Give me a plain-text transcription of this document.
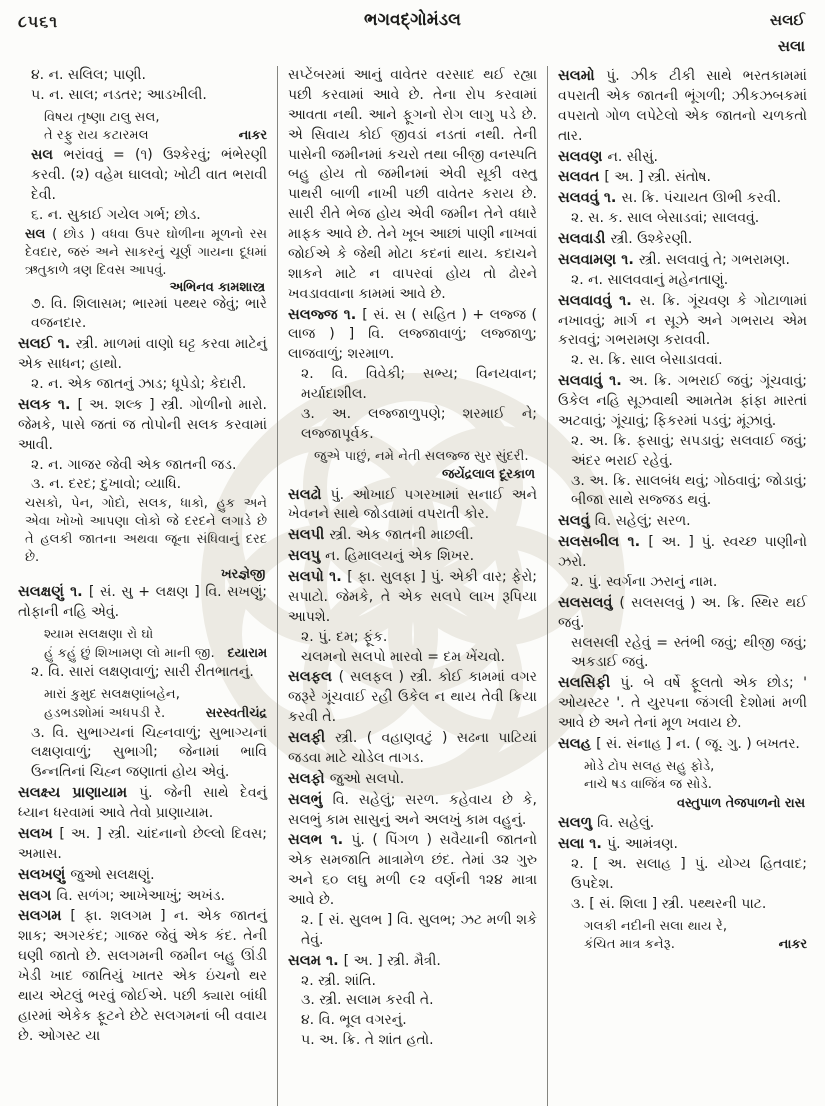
૮૫૬૧	ભગવદ્ગોમંડલ	સલઈ
સલા

૪. ન. સલિલ; પાણી.

૫. ન. સાલ; નડતર; આડખીલી.

વિષય તૃષ્ણા ટાલુ સલ,
નાકર
તે રફુ રાય કટારમલ

સલ ભરાંવવું = (૧) ઉશ્કેરવું; ભંભેરણી કરવી. (૨) વહેમ ઘાલવો; ખોટી વાત ભરાવી દેવી.

૬. ન. સુકાઈ ગયેલ ગર્ભ; છોડ.

સલ ( છોડ ) વધવા ઉપર ઘોળીના મૂળનો રસ દેવદાર, જરું અને સાકરનું ચૂર્ણ ગાયના દૂધમાં ઋતુકાળે ત્રણ દિવસ આપવું.

અભિનવ કામશાસ્ત્ર

૭. વિ. શિલાસમ; ભારમાં પથ્થર જેવું; ભારે વજનદાર.

સલઈ ૧. સ્ત્રી. માળમાં વાણો ઘટ્ટ કરવા માટેનું એક સાધન; હાથો.

૨. ન. એક જાતનું ઝાડ; ધૂપેડો; કેદારી.

સલક ૧. [ અ. શલ્ક ] સ્ત્રી. ગોળીનો મારો. જેમકે, પાસે જતાં જ તોપોની સલક કરવામાં આવી.

૨. ન. ગાજર જેવી એક જાતની જડ.

૩. ન. દરદ; દુખાવો; વ્યાધિ.

ચસકો, પેન, ગોદો, સલક, ધાકો, હુક અને એવા ખોખો આપણા લોકો જે દરદને લગાડે છે તે હલકી જાતના અથવા જૂના સંધિવાનું દરદ છે.

ખરજ્ઞેજી

સલક્ષણું ૧. [ સં. સુ + લક્ષણ ] વિ. સખણું; તોફાની નહિ એવું.

શ્યામ સલક્ષણા રો ઘો
દયારામ
હું કહું છું શિખામણ લો માની જી.

૨. વિ. સારાં લક્ષણવાળું; સારી રીતભાતનું.

મારાં કુમુદ સલક્ષણાંબહેન,
સરસ્વતીચંદ્ર
હડભડશોમાં અધપડી રે.

૩. વિ. સુભાગ્યનાં ચિહ્નવાળું; સુભાગ્યનાં લક્ષણવાળું; સુભાગી; જેનામાં ભાવિ ઉન્નતિનાં ચિહ્ન જણાતાં હોય એવું.

સલક્ષ્ય પ્રાણાયામ પું. જેની સાથે દેવનું ધ્યાન ધરવામાં આવે તેવો પ્રાણાયામ.

સલખ [ અ. ] સ્ત્રી. ચાંદનાનો છેલ્લો દિવસ; અમાસ.

સલખણું જુઓ સલક્ષણું.

સલગ વિ. સળંગ; આખેઆખું; અખંડ.

સલગમ [ ફા. શલગમ ] ન. એક જાતનું શાક; અગરકંદ; ગાજર જેવું એક કંદ. તેની ઘણી જાતો છે. સલગમની જમીન બહુ ઊંડી ખેડી ખાદ જાતિયું ખાતર એક ઇંચનો થર થાય એટલું ભરવું જોઈએ. પછી ક્યારા બાંધી હારમાં એકેક ફૂટને છેટે સલગમનાં બી વવાય છે. ઓગસ્ટ યા

સપ્ટેંબરમાં આનું વાવેતર વરસાદ થઈ રહ્યા પછી કરવામાં આવે છે. તેના રોપ કરવામાં આવતા નથી. આને ફૂગનો રોગ લાગુ પડે છે. એ સિવાય કોઈ જીવડાં નડતાં નથી. તેની પાસેની જમીનમાં કચરો તથા બીજી વનસ્પતિ બહુ હોય તો જમીનમાં એવી સૂકી વસ્તુ પાથરી બાળી નાખી પછી વાવેતર કરાય છે. સારી રીતે ભેજ હોય એવી જમીન તેને વધારે માફક આવે છે. તેને ખૂબ આછાં પાણી નાખવાં જોઈએ કે જેથી મોટા કદનાં થાય. કદાચને શાકને માટે ન વાપરવાં હોય તો ઢોરને ખવડાવવાના કામમાં આવે છે.

સલજ્જ ૧. [ સં. સ ( સહિત ) + લજ્જ ( લાજ ) ] વિ. લજ્જાવાળું; લજ્જાળુ; લાજવાળું; શરમાળ.

૨. વિ. વિવેકી; સભ્ય; વિનયવાન; મર્યાદાશીલ.

૩. અ. લજ્જાળુપણે; શરમાઈ ને; લજ્જાપૂર્વક.

જુએ પાછું, નમે નેતી સલજ્જ સુર સુંદરી.
જયેંદ્રલાલ દૂરકાળ

સલઢો પું. ઓખાઈ પગરખામાં સનાઈ અને ખેવનને સાથે જોડવામાં વપરાતી કોર.

સલપી સ્ત્રી. એક જાતની માછલી.

સલપુ ન. હિમાલયનું એક શિખર.

સલપો ૧. [ ફા. સુલફા ] પું. એકી વાર; ફેરો; સપાટો. જેમકે, તે એક સલપે લાખ રૂપિયા આપશે.

૨. પું. દમ; ફૂંક.

ચલમનો સલપો મારવો = દમ ખેંચવો.

સલફલ ( સલફલ ) સ્ત્રી. કોઈ કામમાં વગર જરૂરે ગૂંચવાઈ રહી ઉકેલ ન થાય તેવી ક્રિયા કરવી તે.

સલફી સ્ત્રી. ( વહાણવટું ) સઢના પાટિયાં જડવા માટે ચોડેલ તાગડ.

સલફો જુઓ સલપો.

સલભું વિ. સહેલું; સરળ. કહેવાય છે કે, સલભું કામ સાસુનું અને અલખું કામ વહુનું.

સલભ ૧. પું. ( પિંગળ ) સવૈયાની જાતનો એક સમજાતિ માત્રામેળ છંદ. તેમાં ૩૨ ગુરુ અને ૬૦ લઘુ મળી ૯૨ વર્ણની ૧૨૪ માત્રા આવે છે.

૨. [ સં. સુલભ ] વિ. સુલભ; ઝટ મળી શકે તેવું.

સલમ ૧. [ અ. ] સ્ત્રી. મૈત્રી.

૨. સ્ત્રી. શાંતિ.

૩. સ્ત્રી. સલામ કરવી તે.

૪. વિ. ભૂલ વગરનું.

૫. અ. ક્રિ. તે શાંત હતો.

સલમો પું. ઝીક ટીકી સાથે ભરતકામમાં વપરાતી એક જાતની ભૂંગળી; ઝીકઝબકમાં વપરાતો ગોળ લપેટેલો એક જાતનો ચળકતો તાર.

સલવણ ન. સીસું.

સલવત [ અ. ] સ્ત્રી. સંતોષ.

સલવવું ૧. સ. ક્રિ. પંચાયત ઊભી કરવી.

૨. સ. ક. સાલ બેસાડવાં; સાલવવું.

સલવાડી સ્ત્રી. ઉશ્કેરણી.

સલવામણ ૧. સ્ત્રી. સલવાવું તે; ગભરામણ.

૨. ન. સાલવવાનું મહેનતાણું.

સલવાવવું ૧. સ. ક્રિ. ગૂંચવણ કે ગોટાળામાં નખાવવું; માર્ગ ન સૂઝે અને ગભરાય એમ કરાવવું; ગભરામણ કરાવવી.

૨. સ. ક્રિ. સાલ બેસાડાવવાં.

સલવાવું ૧. અ. ક્રિ. ગભરાઈ જવું; ગૂંચવાવું; ઉકેલ નહિ સૂઝવાથી આમતેમ ફાંફા મારતાં અટવાવું; ગૂંચાવું; ફિકરમાં પડવું; મૂંઝાવું.

૨. અ. ક્રિ. ફસાવું; સપડાવું; સલવાઈ જવું; અંદર ભરાઈ રહેવું.

૩. અ. ક્રિ. સાલબંધ થવું; ગોઠવાવું; જોડાવું; બીજા સાથે સજ્જડ થવું.

સલવું વિ. સહેલું; સરળ.

સલસબીલ ૧. [ અ. ] પું. સ્વચ્છ પાણીનો ઝરો.

૨. પું. સ્વર્ગના ઝરાનું નામ.

સલસલવું ( સલસલવું ) અ. ક્રિ. સ્થિર થઈ જવું.

સલસલી રહેવું = સ્તંભી જવું; થીજી જવું; અકડાઈ જવું.

સલસિફી પું. બે વર્ષે ફૂલતો એક છોડ; ' ઓયસ્ટર '. તે યુરપના જંગલી દેશોમાં મળી આવે છે અને તેનાં મૂળ ખવાય છે.

સલહ [ સં. સંનાહ ] ન. ( જૂ. ગુ. ) બખતર.

મોડે ટોપ સલહ સહુ ફોડે,
નાચે ષડ વાજિંત્ર જ સોડે.
વસ્તુપાળ તેજપાળનો રાસ

સલળુ વિ. સહેલું.

સલા ૧. પું. આમંત્રણ.

૨. [ અ. સલાહ ] પું. યોગ્ય હિતવાદ; ઉપદેશ.

૩. [ સં. શિલા ] સ્ત્રી. પથ્થરની પાટ.

ગલકી નદીની સલા થાય રે,
નાકર
કંચિત માત્ર કનેરૂ.
